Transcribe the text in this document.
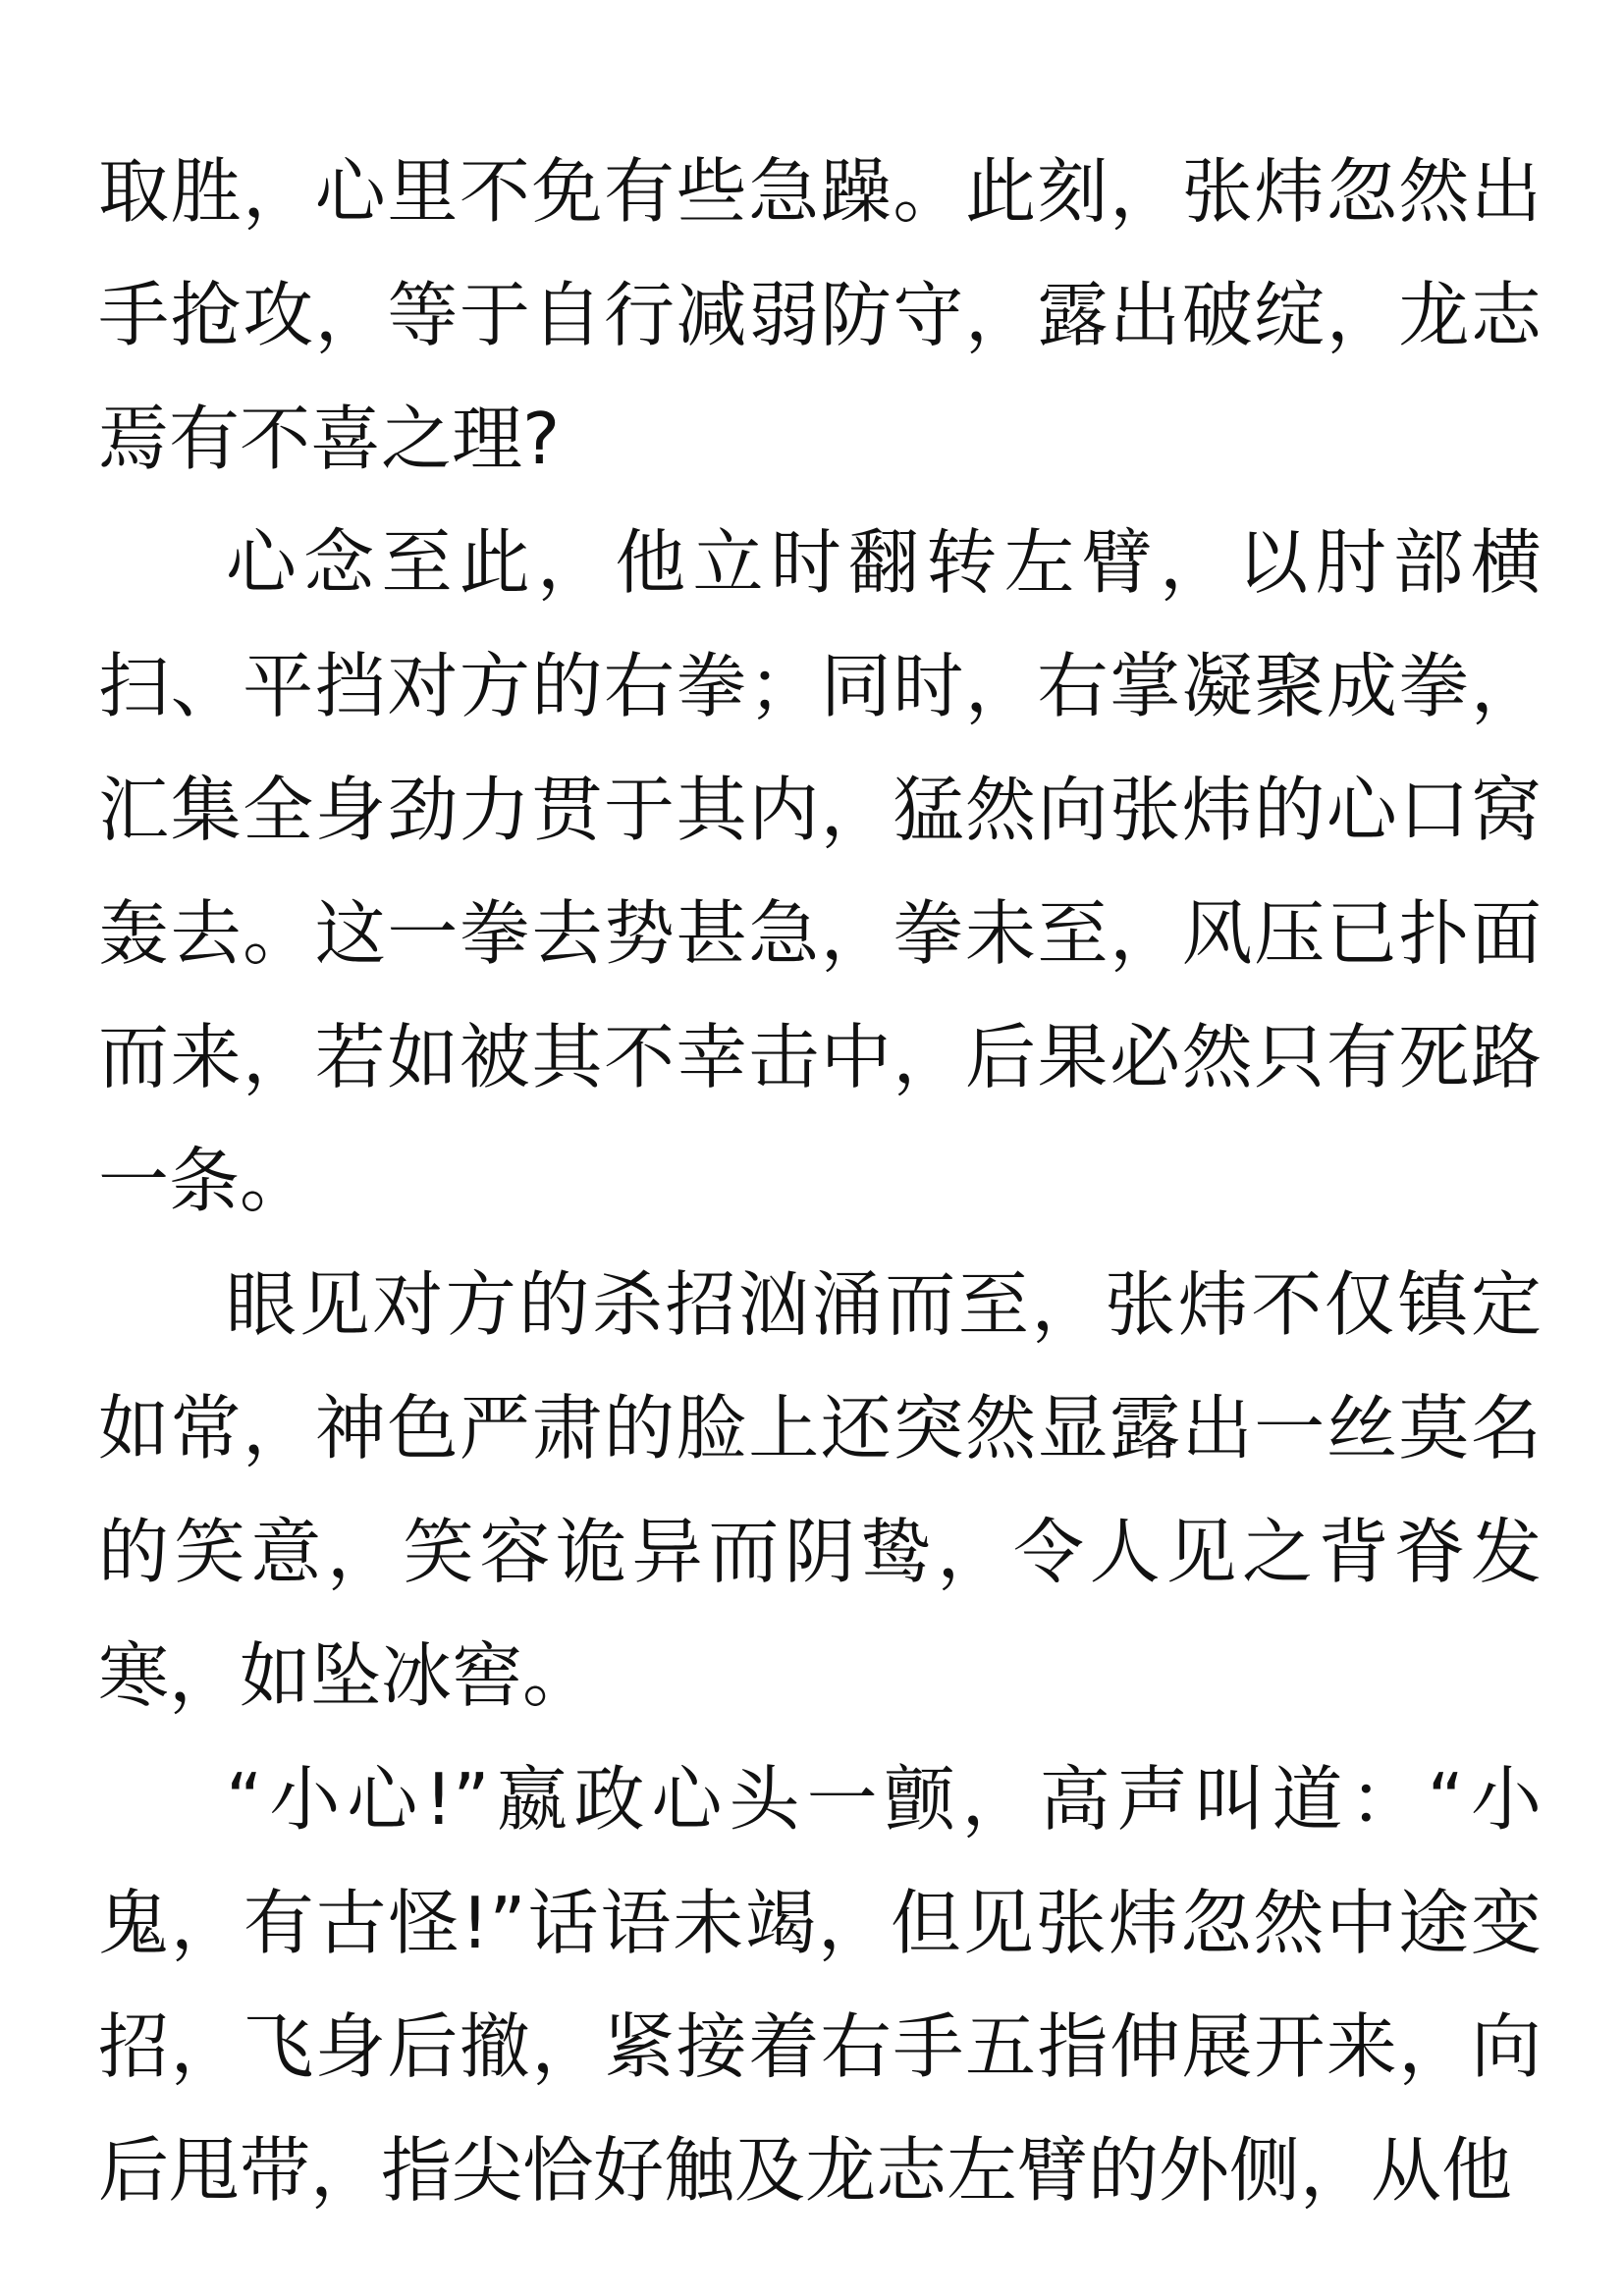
取胜，心里不免有些急躁。此刻，张炜忽然出手抢攻，等于自行减弱防守，露出破绽，龙志焉有不喜之理?

心念至此，他立时翻转左臂，以肘部横扫、平挡对方的右拳；同时，右掌凝聚成拳，汇集全身劲力贯于其内，猛然向张炜的心口窝轰去。这一拳去势甚急，拳未至，风压已扑面而来，若如被其不幸击中，后果必然只有死路一条。

眼见对方的杀招汹涌而至，张炜不仅镇定如常，神色严肃的脸上还突然显露出一丝莫名的笑意，笑容诡异而阴鸷，令人见之背脊发寒，如坠冰窖。

“小心!”嬴政心头一颤，高声叫道：“小鬼，有古怪!”话语未竭，但见张炜忽然中途变招，飞身后撤，紧接着右手五指伸展开来，向后甩带，指尖恰好触及龙志左臂的外侧，从他
